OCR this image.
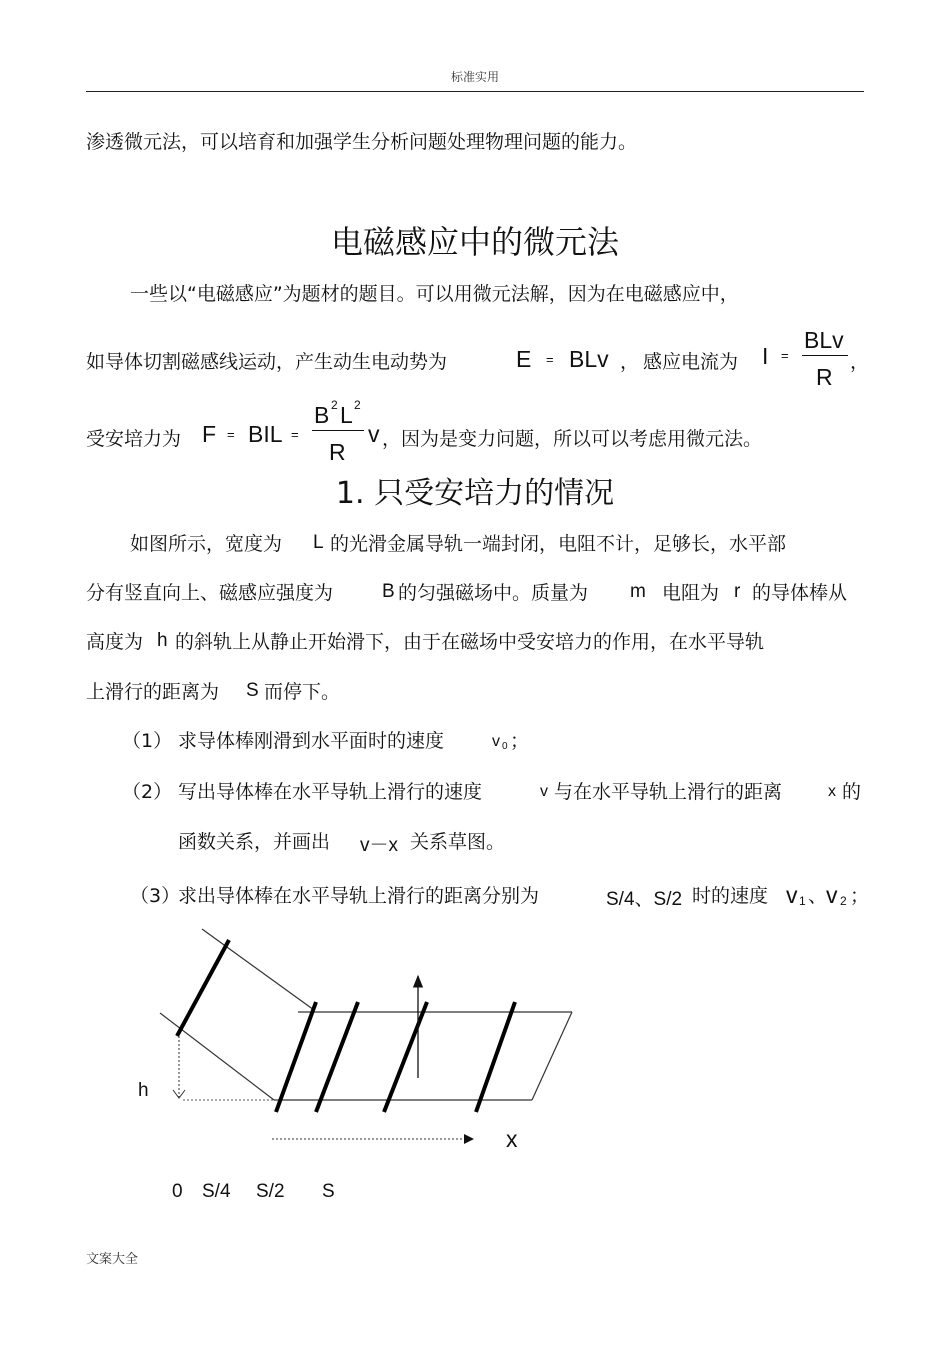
标准实用
渗透微元法，可以培育和加强学生分析问题处理物理问题的能力。
电磁感应中的微元法
一些以“电磁感应”为题材的题目。可以用微元法解，因为在电磁感应中，
如导体切割磁感线运动，产生动生电动势为	E = BLv ， 感应电流为 I =
BLv
R
，
受安培力为 F = BIL =
B 2 L 2
R
v ，因为是变力问题，所以可以考虑用微元法。
1. 只受安培力的情况
如图所示，宽度为 L 的光滑金属导轨一端封闭，电阻不计，足够长，水平部
分有竖直向上、磁感应强度为	B 的匀强磁场中。质量为 m 电阻为 r 的导体棒从
高度为 h 的斜轨上从静止开始滑下，由于在磁场中受安培力的作用，在水平导轨
上滑行的距离为 S 而停下。
（1） 求导体棒刚滑到水平面时的速度	v 0 ；
（2） 写出导体棒在水平导轨上滑行的速度	v 与在水平导轨上滑行的距离	x 的
函数关系，并画出 v－x 关系草图。
（3）
求出导体棒在水平导轨上滑行的距离分别为	S/4、S/2 时的速度 v 1 、
v 2 ；
h
x
0 S/4 S/2 S
文案大全
